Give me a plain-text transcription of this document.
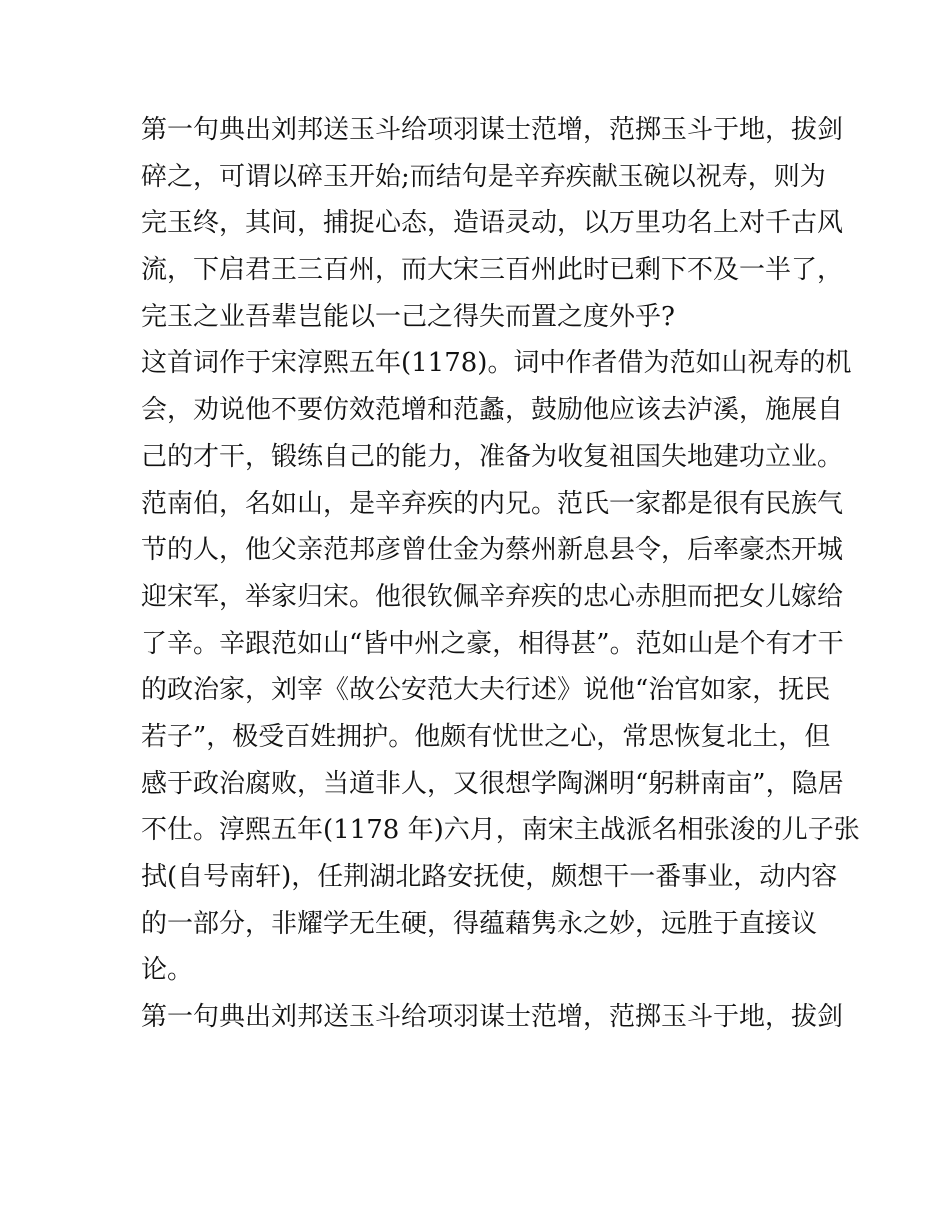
第一句典出刘邦送玉斗给项羽谋士范增，范掷玉斗于地，拔剑
碎之，可谓以碎玉开始;而结句是辛弃疾献玉碗以祝寿，则为
完玉终，其间，捕捉心态，造语灵动，以万里功名上对千古风
流，下启君王三百州，而大宋三百州此时已剩下不及一半了，
完玉之业吾辈岂能以一己之得失而置之度外乎?
这首词作于宋淳熙五年(1178)。词中作者借为范如山祝寿的机
会，劝说他不要仿效范增和范蠡，鼓励他应该去泸溪，施展自
己的才干，锻练自己的能力，准备为收复祖国失地建功立业。
范南伯，名如山，是辛弃疾的内兄。范氏一家都是很有民族气
节的人，他父亲范邦彦曾仕金为蔡州新息县令，后率豪杰开城
迎宋军，举家归宋。他很钦佩辛弃疾的忠心赤胆而把女儿嫁给
了辛。辛跟范如山“皆中州之豪，相得甚”。范如山是个有才干
的政治家，刘宰《故公安范大夫行述》说他“治官如家，抚民
若子”，极受百姓拥护。他颇有忧世之心，常思恢复北土，但
感于政治腐败，当道非人，又很想学陶渊明“躬耕南亩”，隐居
不仕。淳熙五年(1178 年)六月，南宋主战派名相张浚的儿子张
拭(自号南轩)，任荆湖北路安抚使，颇想干一番事业，动内容
的一部分，非耀学无生硬，得蕴藉隽永之妙，远胜于直接议
论。
第一句典出刘邦送玉斗给项羽谋士范增，范掷玉斗于地，拔剑
